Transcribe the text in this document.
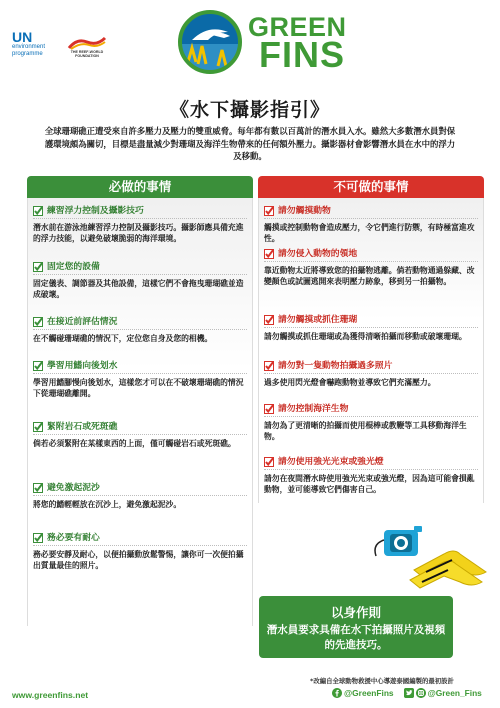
UN
environment
programme	THE REEF-WORLD
FOUNDATION
GREEN
FINS
《水下攝影指引》
全球珊瑚礁正遭受來自許多壓力及壓力的雙重威脅。每年都有數以百萬計的潛水員入水。雖然大多數潛水員對保護環境頗為關切，目標是盡量減少對珊瑚及海洋生物帶來的任何額外壓力。攝影器材會影響潛水員在水中的浮力及移動。
必做的事情
練習浮力控制及攝影技巧
潛水前在游泳池練習浮力控制及攝影技巧。攝影師應具備充進的浮力技能，以避免破壞脆弱的海洋環境。
固定您的設備
固定儀表、調節器及其他設備，這樣它們不會拖曳珊瑚礁並造成破壞。
在接近前評估情況
在不觸碰珊瑚礁的情況下，定位您自身及您的相機。
學習用鰭向後划水
學習用鰭腳慢向後划水，這樣您才可以在不破壞珊瑚礁的情況下從珊瑚礁離開。
緊附岩石或死斑礁
倘若必須緊附在某樣東西的上面，僅可觸碰岩石或死斑礁。
避免激起泥沙
將您的鰭輕輕放在沉沙上，避免激起泥沙。
務必要有耐心
務必要安靜及耐心，以便拍攝動放鬆警惕，讓你可一次便拍攝出質量最佳的照片。
不可做的事情
請勿觸摸動物
觸摸或控制動物會造成壓力，令它們進行防禦，有時極富進攻性。
請勿侵入動物的領地
靠近動物太近將導致您的拍攝物逃離。倘若動物通過躲藏、改變顏色或試圖逃開來表明壓力跡象，移到另一拍攝物。
請勿觸摸或抓住珊瑚
請勿觸摸或抓住珊瑚或為獲得清晰拍攝而移動或破壞珊瑚。
請勿對一隻動物拍攝過多照片
過多使用閃光燈會嚇跑動物並導致它們充滿壓力。
請勿控制海洋生物
請勿為了更清晰的拍攝而使用棍棒或教鞭等工具移動海洋生物。
請勿使用強光光束或強光燈
請勿在夜間潛水時使用強光光束或強光燈，因為這可能會損亂動物，並可能導致它們傷害自己。
以身作則
潛水員要求具備在水下拍攝照片及視頻的先進技巧。
*改編自全球動物救援中心導遊泰國編製的最初設計
www.greenfins.net	@GreenFins	@Green_Fins
